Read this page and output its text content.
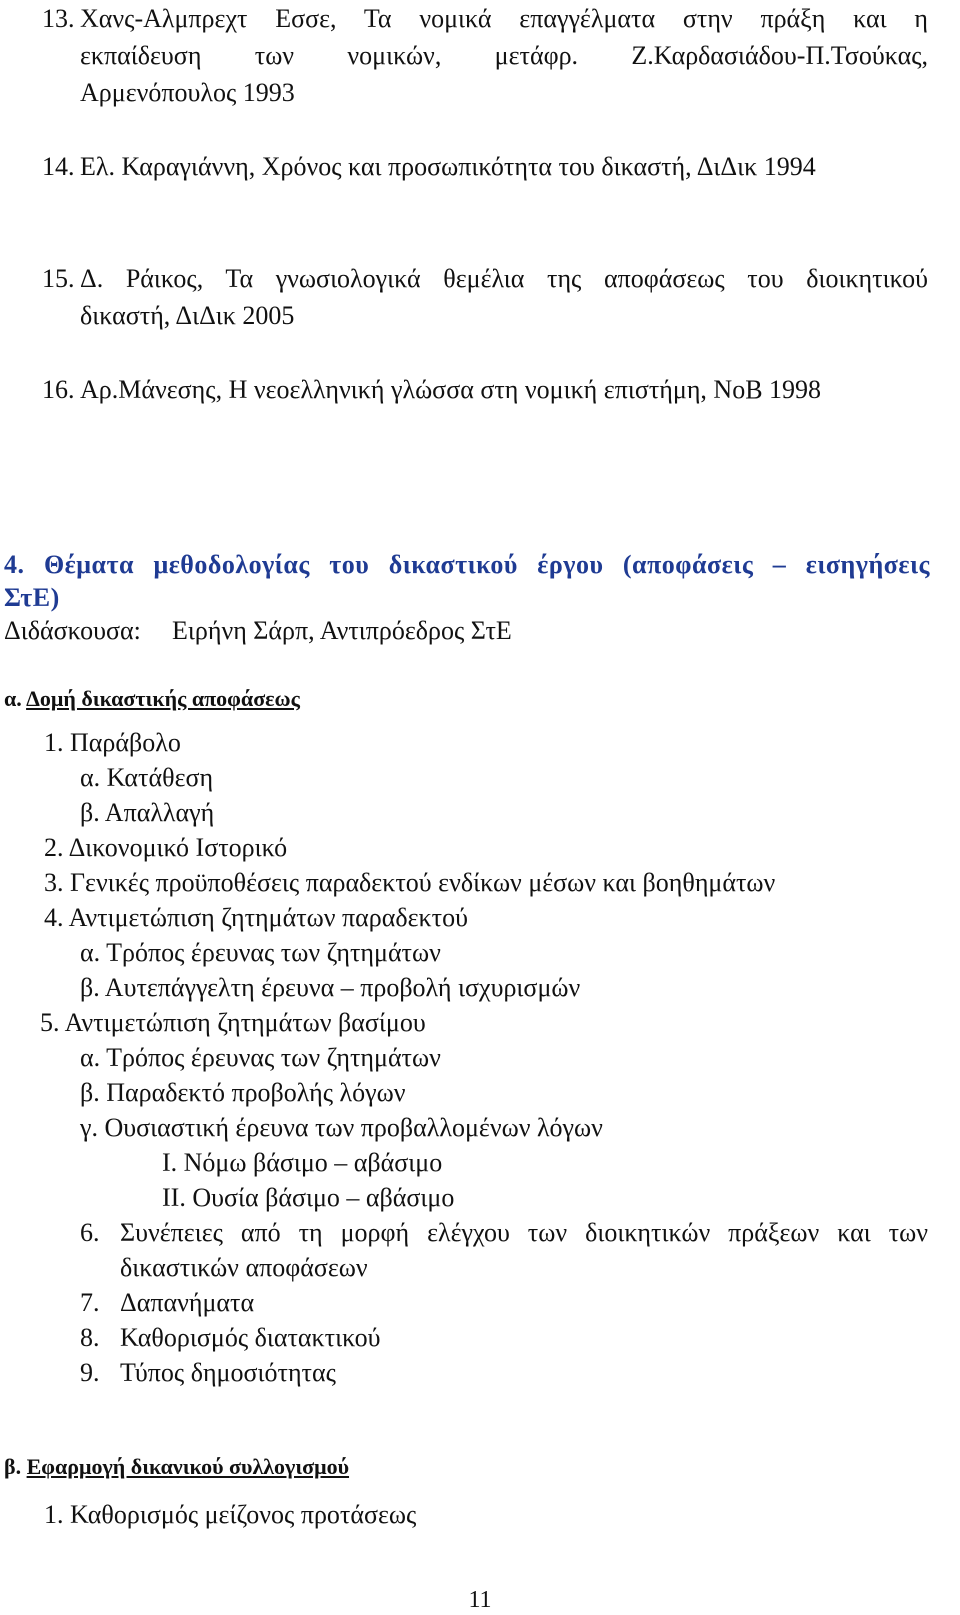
13. Χανς-Αλμπρεχτ Εσσε, Τα νομικά επαγγέλματα στην πράξη και η
εκπαίδευση των νομικών, μετάφρ. Ζ.Καρδασιάδου-Π.Τσούκας,
Αρμενόπουλος 1993
14. Ελ. Καραγιάννη, Χρόνος και προσωπικότητα του δικαστή, ΔιΔικ 1994
15. Δ. Ράικος, Τα γνωσιολογικά θεμέλια της αποφάσεως του διοικητικού
δικαστή, ΔιΔικ 2005
16. Αρ.Μάνεσης, Η νεοελληνική γλώσσα στη νομική επιστήμη, ΝοΒ 1998
4. Θέματα μεθοδολογίας του δικαστικού έργου (αποφάσεις – εισηγήσεις
ΣτΕ)
Διδάσκουσα: Ειρήνη Σάρπ, Αντιπρόεδρος ΣτΕ
α. Δομή δικαστικής αποφάσεως
1. Παράβολο
α. Κατάθεση
β. Απαλλαγή
2. Δικονομικό Ιστορικό
3. Γενικές προϋποθέσεις παραδεκτού ενδίκων μέσων και βοηθημάτων
4. Αντιμετώπιση ζητημάτων παραδεκτού
α. Τρόπος έρευνας των ζητημάτων
β. Αυτεπάγγελτη έρευνα – προβολή ισχυρισμών
5. Αντιμετώπιση ζητημάτων βασίμου
α. Τρόπος έρευνας των ζητημάτων
β. Παραδεκτό προβολής λόγων
γ. Ουσιαστική έρευνα των προβαλλομένων λόγων
Ι. Νόμω βάσιμο – αβάσιμο
ΙΙ. Ουσία βάσιμο – αβάσιμο
6. Συνέπειες από τη μορφή ελέγχου των διοικητικών πράξεων και των
δικαστικών αποφάσεων
7. Δαπανήματα
8. Καθορισμός διατακτικού
9. Τύπος δημοσιότητας
β. Εφαρμογή δικανικού συλλογισμού
1. Καθορισμός μείζονος προτάσεως
11
